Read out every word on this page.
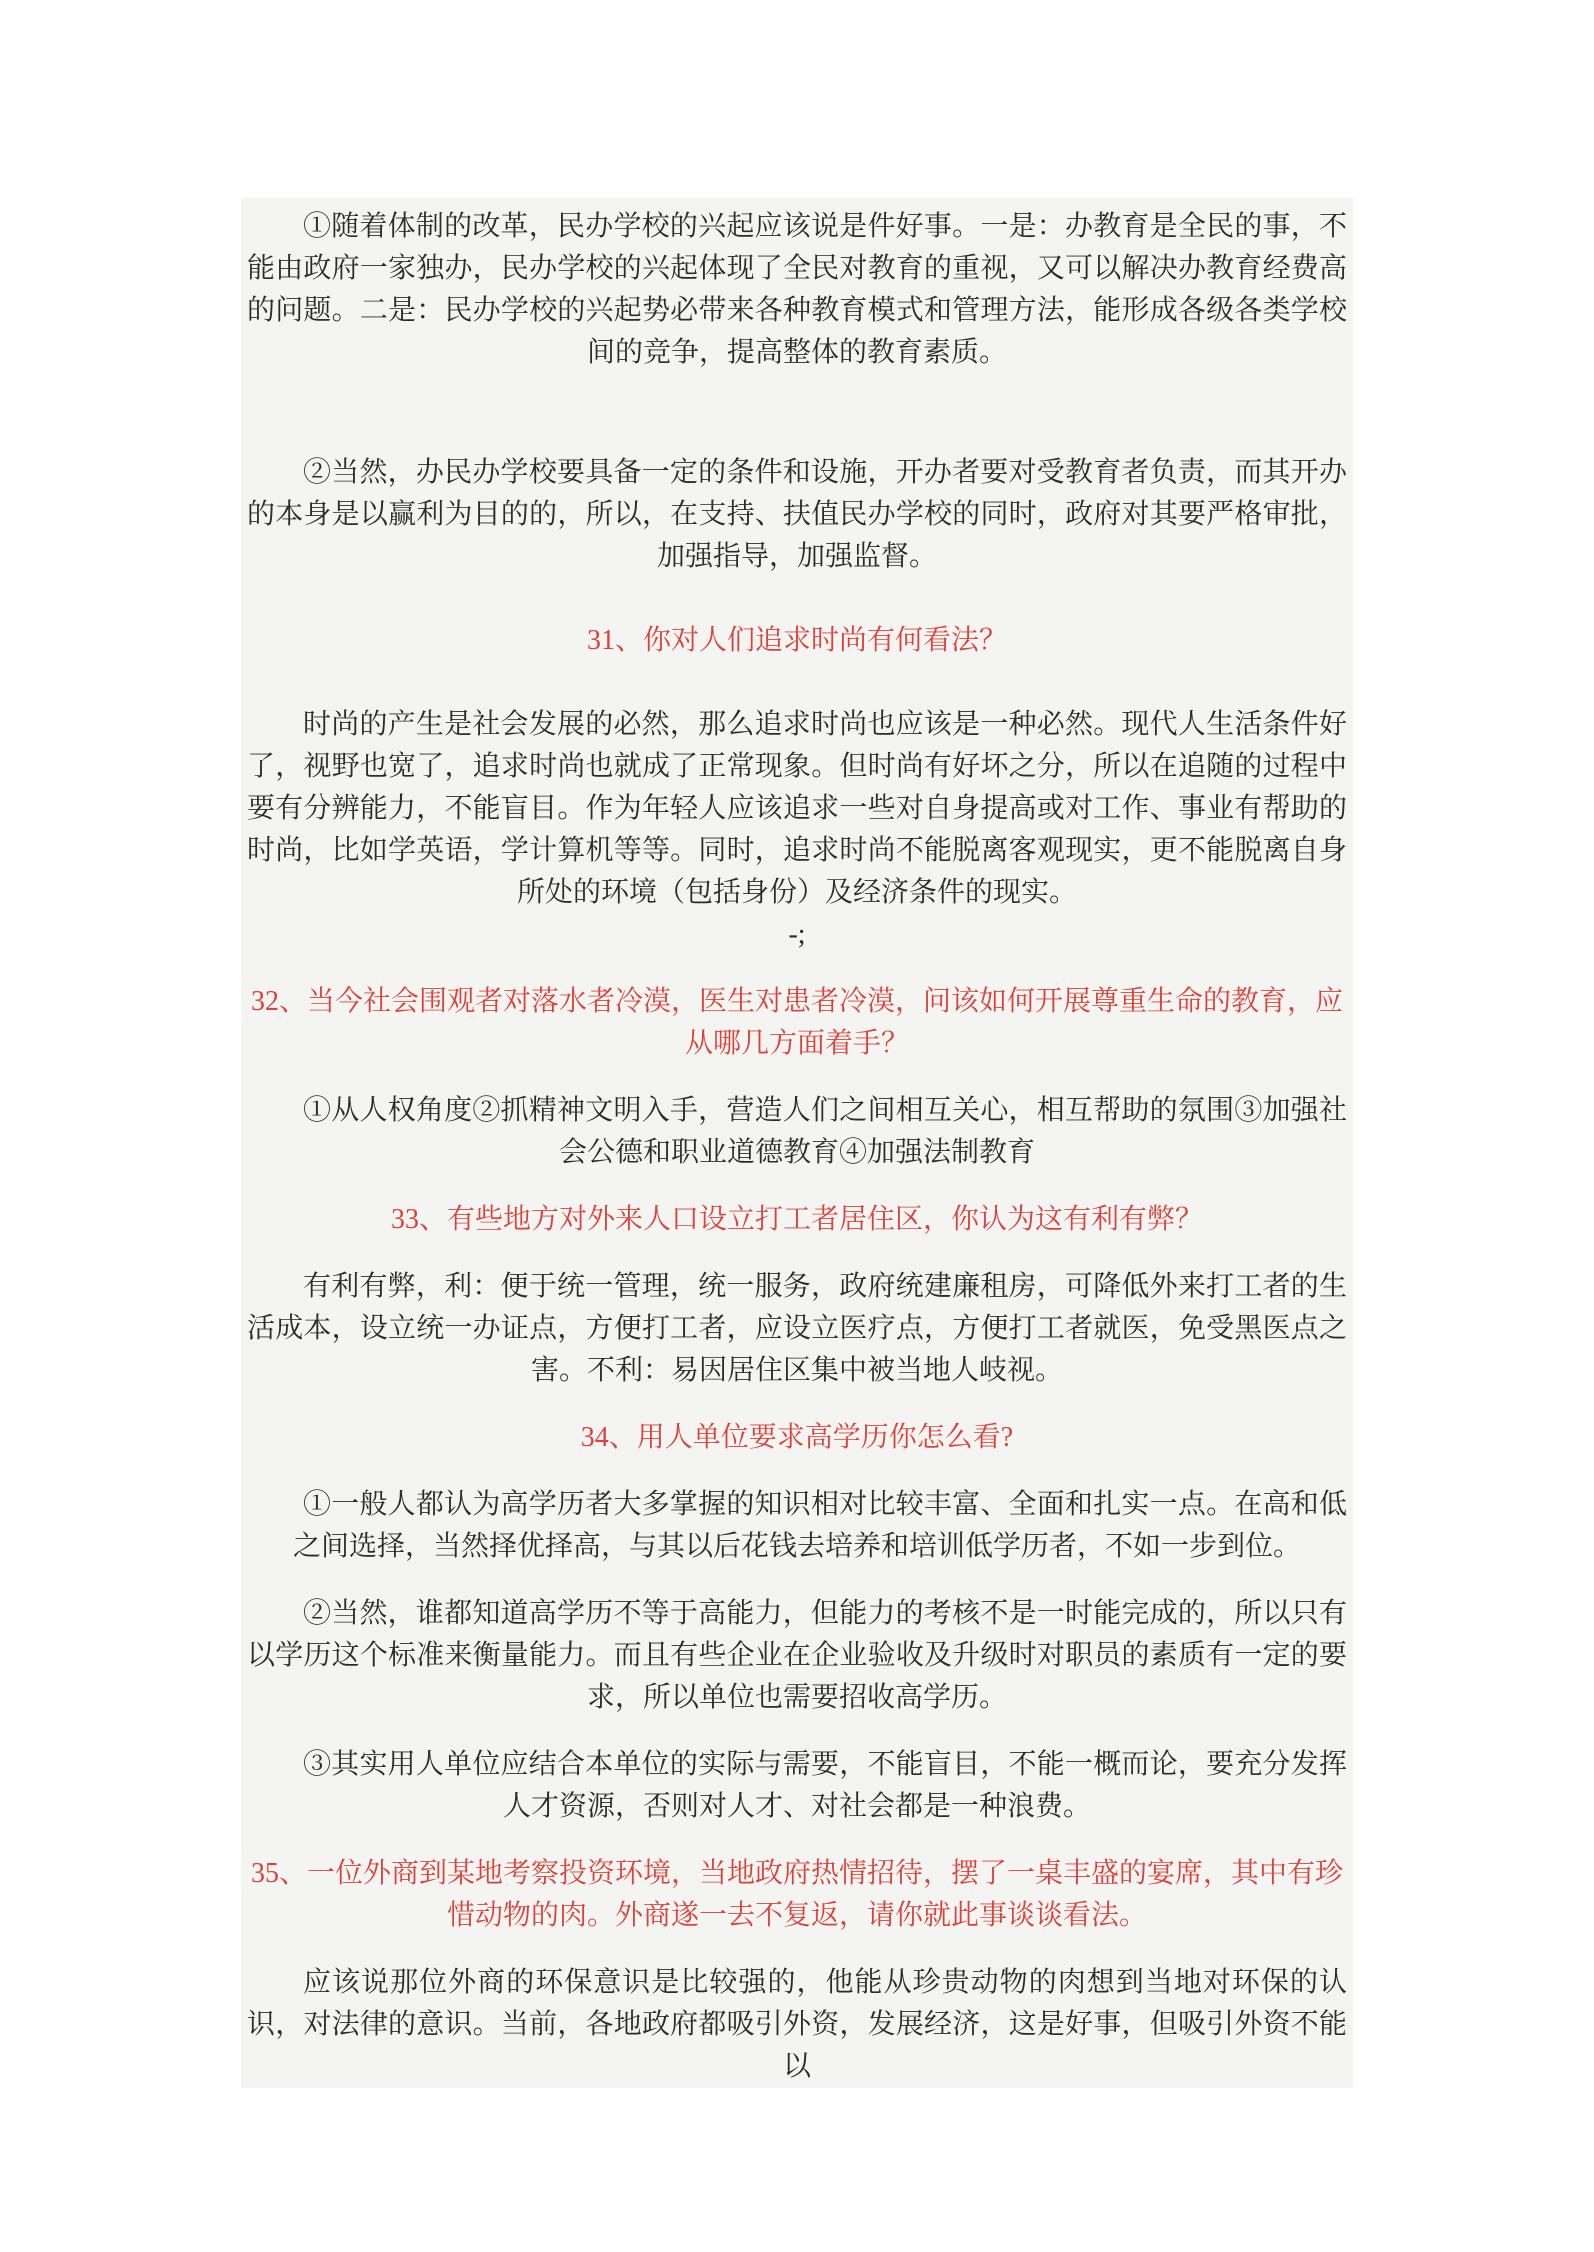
①随着体制的改革，民办学校的兴起应该说是件好事。一是：办教育是全民的事，不能由政府一家独办，民办学校的兴起体现了全民对教育的重视，又可以解决办教育经费高的问题。二是：民办学校的兴起势必带来各种教育模式和管理方法，能形成各级各类学校间的竞争，提高整体的教育素质。
②当然，办民办学校要具备一定的条件和设施，开办者要对受教育者负责，而其开办的本身是以赢利为目的的，所以，在支持、扶值民办学校的同时，政府对其要严格审批，加强指导，加强监督。
31、你对人们追求时尚有何看法？
时尚的产生是社会发展的必然，那么追求时尚也应该是一种必然。现代人生活条件好了，视野也宽了，追求时尚也就成了正常现象。但时尚有好坏之分，所以在追随的过程中要有分辨能力，不能盲目。作为年轻人应该追求一些对自身提高或对工作、事业有帮助的时尚，比如学英语，学计算机等等。同时，追求时尚不能脱离客观现实，更不能脱离自身所处的环境（包括身份）及经济条件的现实。
-;
32、当今社会围观者对落水者冷漠，医生对患者冷漠，问该如何开展尊重生命的教育，应从哪几方面着手？
①从人权角度②抓精神文明入手，营造人们之间相互关心，相互帮助的氛围③加强社会公德和职业道德教育④加强法制教育
33、有些地方对外来人口设立打工者居住区，你认为这有利有弊？
有利有弊，利：便于统一管理，统一服务，政府统建廉租房，可降低外来打工者的生活成本，设立统一办证点，方便打工者，应设立医疗点，方便打工者就医，免受黑医点之害。不利：易因居住区集中被当地人岐视。
34、用人单位要求高学历你怎么看?
①一般人都认为高学历者大多掌握的知识相对比较丰富、全面和扎实一点。在高和低之间选择，当然择优择高，与其以后花钱去培养和培训低学历者，不如一步到位。
②当然，谁都知道高学历不等于高能力，但能力的考核不是一时能完成的，所以只有以学历这个标准来衡量能力。而且有些企业在企业验收及升级时对职员的素质有一定的要求，所以单位也需要招收高学历。
③其实用人单位应结合本单位的实际与需要，不能盲目，不能一概而论，要充分发挥人才资源，否则对人才、对社会都是一种浪费。
35、一位外商到某地考察投资环境，当地政府热情招待，摆了一桌丰盛的宴席，其中有珍惜动物的肉。外商遂一去不复返，请你就此事谈谈看法。
应该说那位外商的环保意识是比较强的，他能从珍贵动物的肉想到当地对环保的认识，对法律的意识。当前，各地政府都吸引外资，发展经济，这是好事，但吸引外资不能以
